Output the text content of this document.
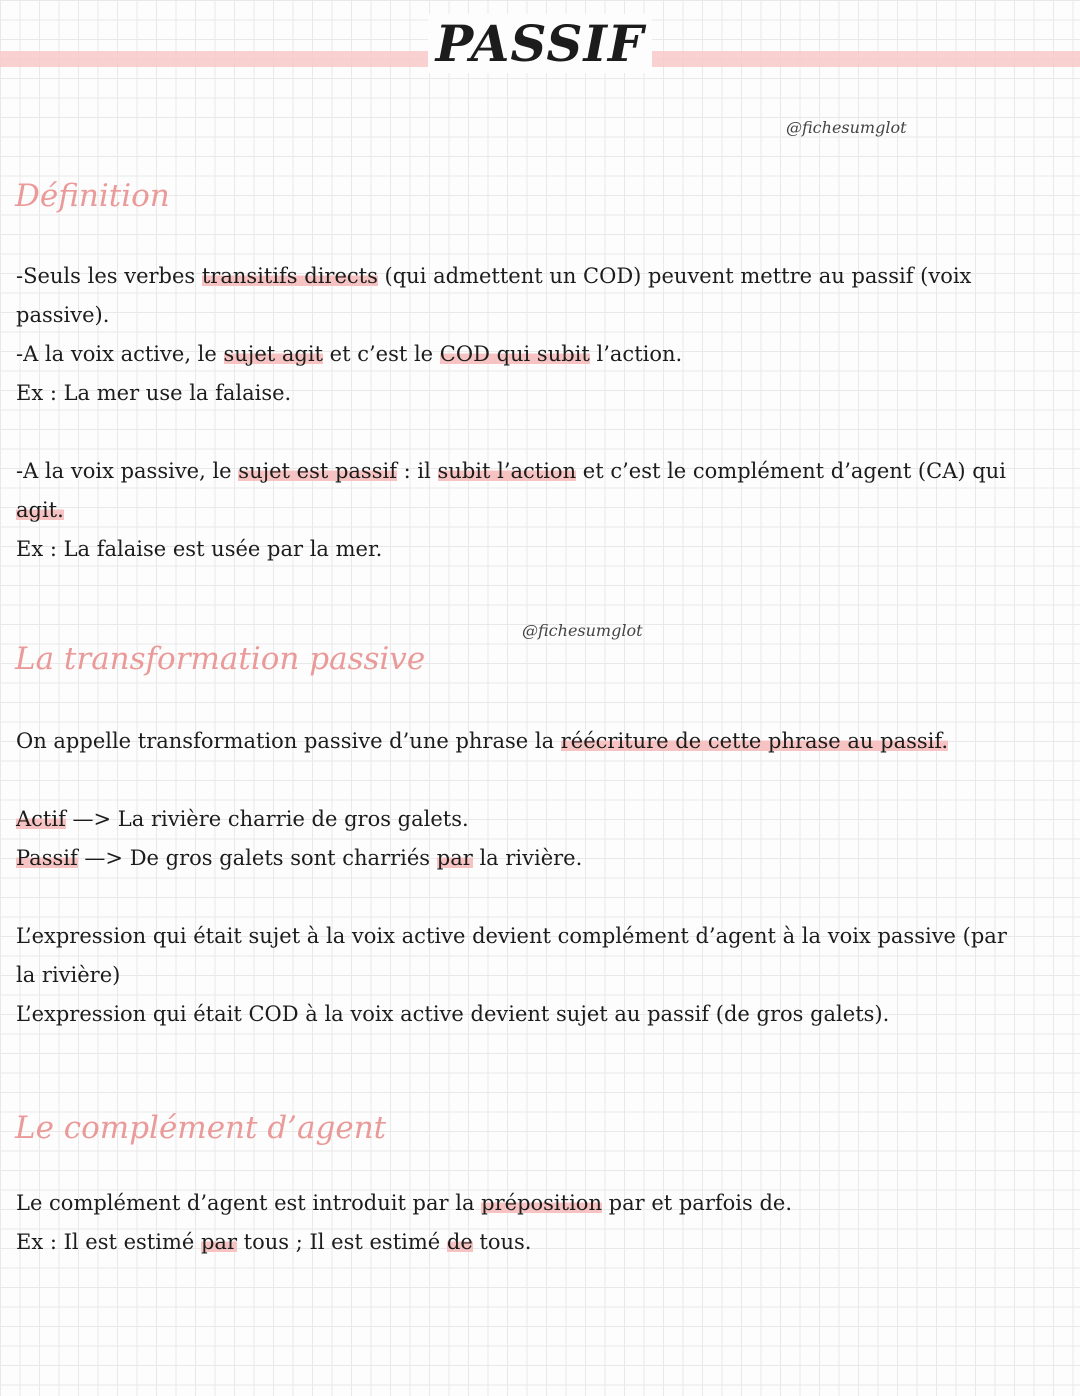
PASSIF
@fichesumglot
Définition
-Seuls les verbes transitifs directs (qui admettent un COD) peuvent mettre au passif (voix
passive).
-A la voix active, le sujet agit et c’est le COD qui subit l’action.
Ex : La mer use la falaise.
-A la voix passive, le sujet est passif : il subit l’action et c’est le complément d’agent (CA) qui
agit.
Ex : La falaise est usée par la mer.
@fichesumglot
La transformation passive
On appelle transformation passive d’une phrase la réécriture de cette phrase au passif.
Actif —> La rivière charrie de gros galets.
Passif —> De gros galets sont charriés par la rivière.
L’expression qui était sujet à la voix active devient complément d’agent à la voix passive (par
la rivière)
L’expression qui était COD à la voix active devient sujet au passif (de gros galets).
Le complément d’agent
Le complément d’agent est introduit par la préposition par et parfois de.
Ex : Il est estimé par tous ; Il est estimé de tous.
